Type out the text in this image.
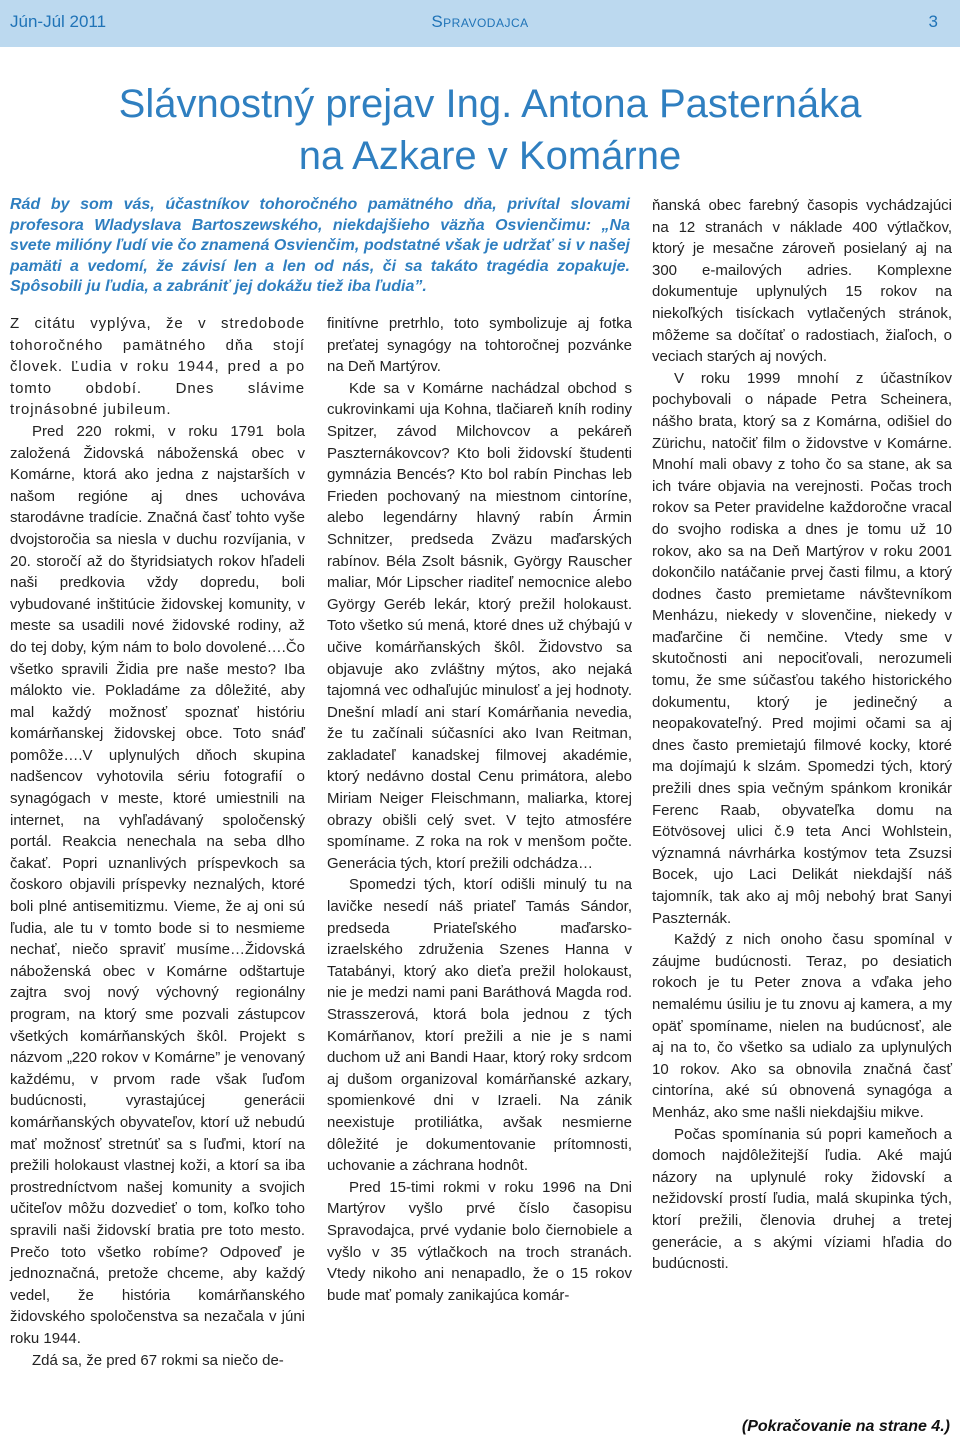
Jún-Júl 2011	Spravodajca	3
Slávnostný prejav Ing. Antona Pasternáka
na Azkare v Komárne
Rád by som vás, účastníkov tohoročného pamätného dňa, privítal slovami profesora Wladyslava Bartoszewského, niekdajšieho väzňa Osvienčimu: „Na svete milióny ľudí vie čo znamená Osvienčim, podstatné však je udržať si v našej pamäti a vedomí, že závisí len a len od nás, či sa takáto tragédia zopakuje. Spôsobili ju ľudia, a zabrániť jej dokážu tiež iba ľudia”.

Z citátu vyplýva, že v stredobode tohoročného pamätného dňa stojí človek. Ľudia v roku 1944, pred a po tomto období. Dnes slávime trojnásobné jubileum.

Pred 220 rokmi, v roku 1791 bola založená Židovská náboženská obec v Komárne, ktorá ako jedna z najstarších v našom regióne aj dnes uchováva starodávne tradície. Značná časť tohto vyše dvojstoročia sa niesla v duchu rozvíjania, v 20. storočí až do štyridsiatych rokov hľadeli naši predkovia vždy dopredu, boli vybudované inštitúcie židovskej komunity, v meste sa usadili nové židovské rodiny, až do tej doby, kým nám to bolo dovolené….Čo všetko spravili Židia pre naše mesto? Iba málokto vie. Pokladáme za dôležité, aby mal každý možnosť spoznať históriu komárňanskej židovskej obce. Toto snáď pomôže….V uplynulých dňoch skupina nadšencov vyhotovila sériu fotografií o synagógach v meste, ktoré umiestnili na internet, na vyhľadávaný spoločenský portál. Reakcia nenechala na seba dlho čakať. Popri uznanlivých príspevkoch sa čoskoro objavili príspevky neznalých, ktoré boli plné antisemitizmu. Vieme, že aj oni sú ľudia, ale tu v tomto bode si to nesmieme nechať, niečo spraviť musíme…Židovská náboženská obec v Komárne odštartuje zajtra svoj nový výchovný regionálny program, na ktorý sme pozvali zástupcov všetkých komárňanských škôl. Projekt s názvom „220 rokov v Komárne” je venovaný každému, v prvom rade však ľuďom budúcnosti, vyrastajúcej generácii komárňanských obyvateľov, ktorí už nebudú mať možnosť stretnúť sa s ľuďmi, ktorí na prežili holokaust vlastnej koži, a ktorí sa iba prostredníctvom našej komunity a svojich učiteľov môžu dozvedieť o tom, koľko toho spravili naši židovskí bratia pre toto mesto. Prečo toto všetko robíme? Odpoveď je jednoznačná, pretože chceme, aby každý vedel, že história komárňanského židovského spoločenstva sa nezačala v júni roku 1944.

Zdá sa, že pred 67 rokmi sa niečo de-

finitívne pretrhlo, toto symbolizuje aj fotka preťatej synagógy na tohtoročnej pozvánke na Deň Martýrov.

Kde sa v Komárne nachádzal obchod s cukrovinkami uja Kohna, tlačiareň kníh rodiny Spitzer, závod Milchovcov a pekáreň Paszternákovcov? Kto boli židovskí študenti gymnázia Bencés? Kto bol rabín Pinchas leb Frieden pochovaný na miestnom cintoríne, alebo legendárny hlavný rabín Ármin Schnitzer, predseda Zväzu maďarských rabínov. Béla Zsolt básnik, György Rauscher maliar, Mór Lipscher riaditeľ nemocnice alebo György Geréb lekár, ktorý prežil holokaust. Toto všetko sú mená, ktoré dnes už chýbajú v učive komárňanských škôl. Židovstvo sa objavuje ako zvláštny mýtos, ako nejaká tajomná vec odhaľujúc minulosť a jej hodnoty. Dnešní mladí ani starí Komárňania nevedia, že tu začínali súčasníci ako Ivan Reitman, zakladateľ kanadskej filmovej akadémie, ktorý nedávno dostal Cenu primátora, alebo Miriam Neiger Fleischmann, maliarka, ktorej obrazy obišli celý svet. V tejto atmosfére spomíname. Z roka na rok v menšom počte. Generácia tých, ktorí prežili odchádza…

Spomedzi tých, ktorí odišli minulý tu na lavičke nesedí náš priateľ Tamás Sándor, predseda Priateľského maďarsko- izraelského združenia Szenes Hanna v Tatabányi, ktorý ako dieťa prežil holokaust, nie je medzi nami pani Baráthová Magda rod. Strasszerová, ktorá bola jednou z tých Komárňanov, ktorí prežili a nie je s nami duchom už ani Bandi Haar, ktorý roky srdcom aj dušom organizoval komárňanské azkary, spomienkové dni v Izraeli. Na zánik neexistuje protiliátka, avšak nesmierne dôležité je dokumentovanie prítomnosti, uchovanie a záchrana hodnôt.

Pred 15-timi rokmi v roku 1996 na Dni Martýrov vyšlo prvé číslo časopisu Spravodajca, prvé vydanie bolo čiernobiele a vyšlo v 35 výtlačkoch na troch stranách. Vtedy nikoho ani nenapadlo, že o 15 rokov bude mať pomaly zanikajúca komár-

ňanská obec farebný časopis vychádzajúci na 12 stranách v náklade 400 výtlačkov, ktorý je mesačne zároveň posielaný aj na 300 e-mailových adries. Komplexne dokumentuje uplynulých 15 rokov na niekoľkých tisíckach vytlačených stránok, môžeme sa dočítať o radostiach, žiaľoch, o veciach starých aj nových.

V roku 1999 mnohí z účastníkov pochybovali o nápade Petra Scheinera, nášho brata, ktorý sa z Komárna, odišiel do Zürichu, natočiť film o židovstve v Komárne. Mnohí mali obavy z toho čo sa stane, ak sa ich tváre objavia na verejnosti. Počas troch rokov sa Peter pravidelne každoročne vracal do svojho rodiska a dnes je tomu už 10 rokov, ako sa na Deň Martýrov v roku 2001 dokončilo natáčanie prvej časti filmu, a ktorý dodnes často premietame návštevníkom Menházu, niekedy v slovenčine, niekedy v maďarčine či nemčine. Vtedy sme v skutočnosti ani nepociťovali, nerozumeli tomu, že sme súčasťou takého historického dokumentu, ktorý je jedinečný a neopakovateľný. Pred mojimi očami sa aj dnes často premietajú filmové kocky, ktoré ma dojímajú k slzám. Spomedzi tých, ktorý prežili dnes spia večným spánkom kronikár Ferenc Raab, obyvateľka domu na Eötvösovej ulici č.9 teta Anci Wohlstein, významná návrhárka kostýmov teta Zsuzsi Bocek, ujo Laci Delikát niekdajší náš tajomník, tak ako aj môj nebohý brat Sanyi Paszternák.

Každý z nich onoho času spomínal v záujme budúcnosti. Teraz, po desiatich rokoch je tu Peter znova a vďaka jeho nemalému úsiliu je tu znovu aj kamera, a my opäť spomíname, nielen na budúcnosť, ale aj na to, čo všetko sa udialo za uplynulých 10 rokov. Ako sa obnovila značná časť cintorína, aké sú obnovená synagóga a Menház, ako sme našli niekdajšiu mikve.

Počas spomínania sú popri kameňoch a domoch najdôležitejší ľudia. Aké majú názory na uplynulé roky židovskí a nežidovskí prostí ľudia, malá skupinka tých, ktorí prežili, členovia druhej a tretej generácie, a s akými víziami hľadia do budúcnosti.

(Pokračovanie na strane 4.)
